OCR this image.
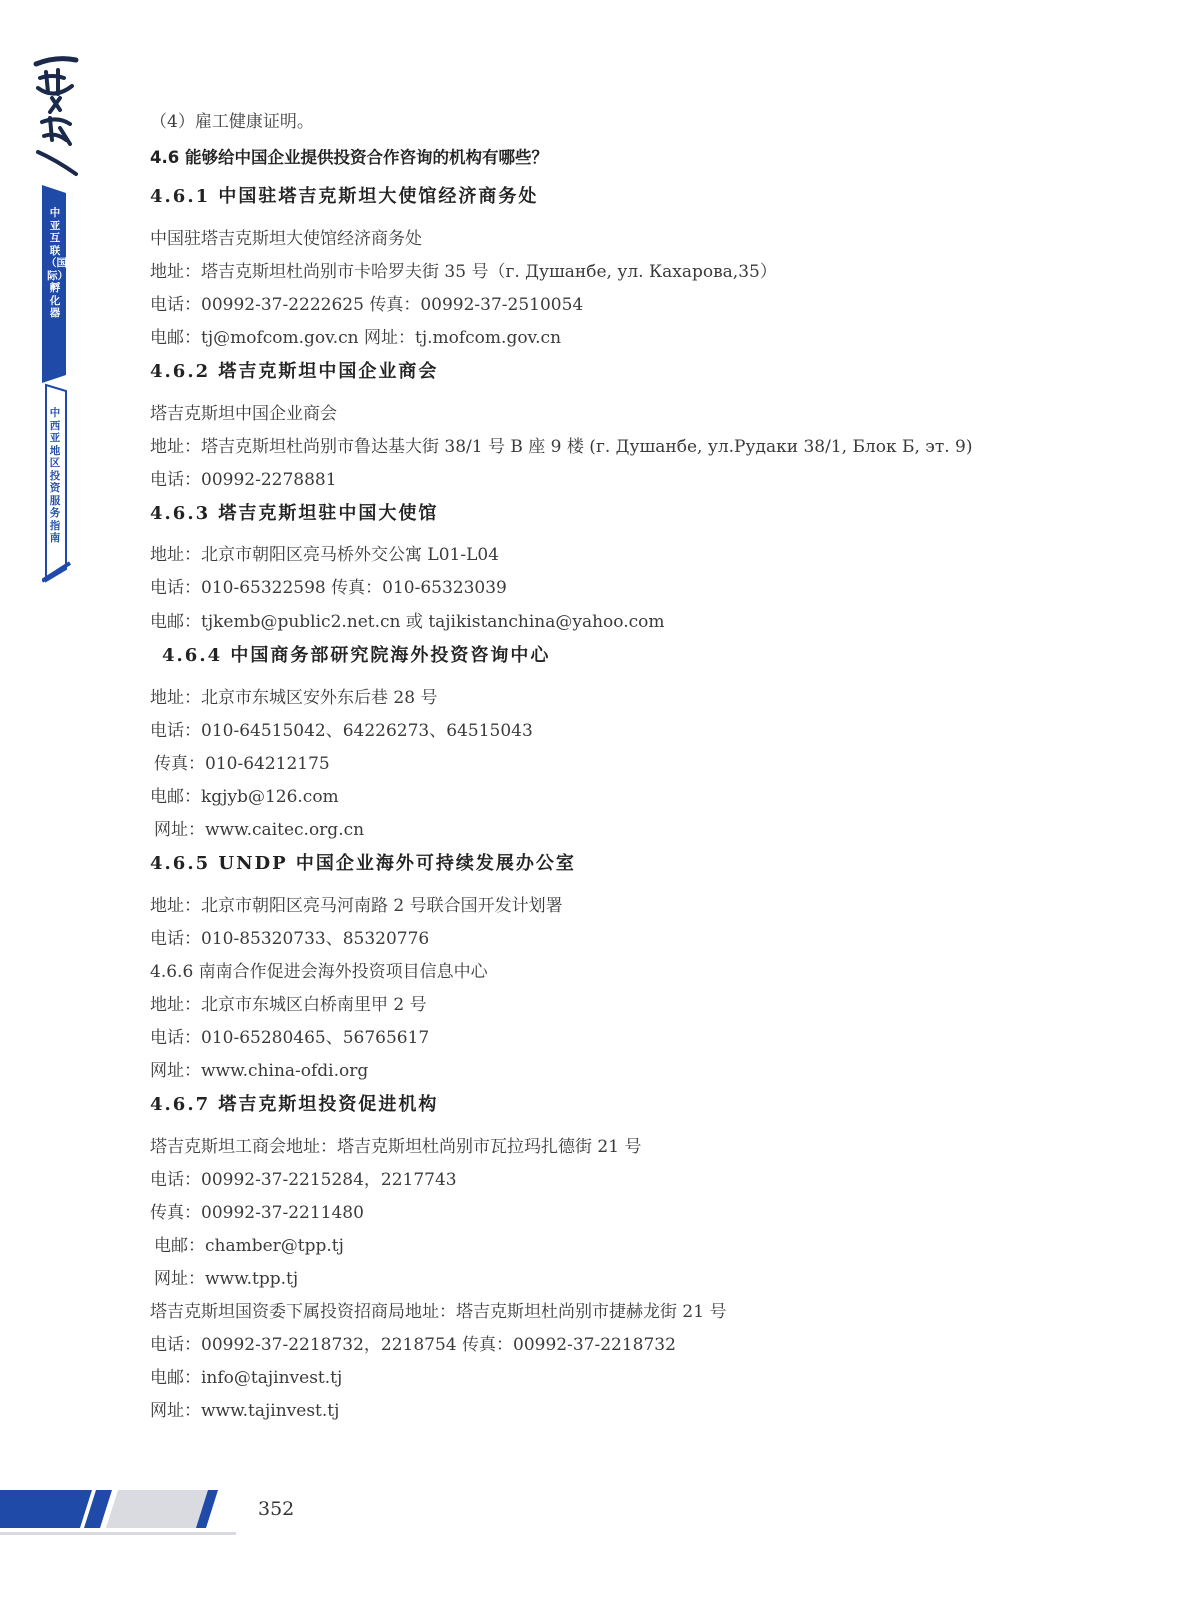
中亚互联（国际）孵化器
中西亚地区投资服务指南
（4）雇工健康证明。
4.6 能够给中国企业提供投资合作咨询的机构有哪些？
4.6.1 中国驻塔吉克斯坦大使馆经济商务处
中国驻塔吉克斯坦大使馆经济商务处
地址：塔吉克斯坦杜尚别市卡哈罗夫街 35 号（г. Душанбе, ул. Кахарова,35）
电话：00992-37-2222625 传真：00992-37-2510054
电邮：tj@mofcom.gov.cn 网址：tj.mofcom.gov.cn
4.6.2 塔吉克斯坦中国企业商会
塔吉克斯坦中国企业商会
地址：塔吉克斯坦杜尚别市鲁达基大街 38/1 号 B 座 9 楼 (г. Душанбе, ул.Рудаки 38/1, Блок Б, эт. 9)
电话：00992-2278881
4.6.3 塔吉克斯坦驻中国大使馆
地址：北京市朝阳区亮马桥外交公寓 L01-L04
电话：010-65322598 传真：010-65323039
电邮：tjkemb@public2.net.cn 或 tajikistanchina@yahoo.com
4.6.4 中国商务部研究院海外投资咨询中心
地址：北京市东城区安外东后巷 28 号
电话：010-64515042、64226273、64515043
传真：010-64212175
电邮：kgjyb@126.com
网址：www.caitec.org.cn
4.6.5 UNDP 中国企业海外可持续发展办公室
地址：北京市朝阳区亮马河南路 2 号联合国开发计划署
电话：010-85320733、85320776
4.6.6 南南合作促进会海外投资项目信息中心
地址：北京市东城区白桥南里甲 2 号
电话：010-65280465、56765617
网址：www.china-ofdi.org
4.6.7 塔吉克斯坦投资促进机构
塔吉克斯坦工商会地址：塔吉克斯坦杜尚别市瓦拉玛扎德街 21 号
电话：00992-37-2215284，2217743
传真：00992-37-2211480
电邮：chamber@tpp.tj
网址：www.tpp.tj
塔吉克斯坦国资委下属投资招商局地址：塔吉克斯坦杜尚别市捷赫龙街 21 号
电话：00992-37-2218732，2218754 传真：00992-37-2218732
电邮：info@tajinvest.tj
网址：www.tajinvest.tj
352
